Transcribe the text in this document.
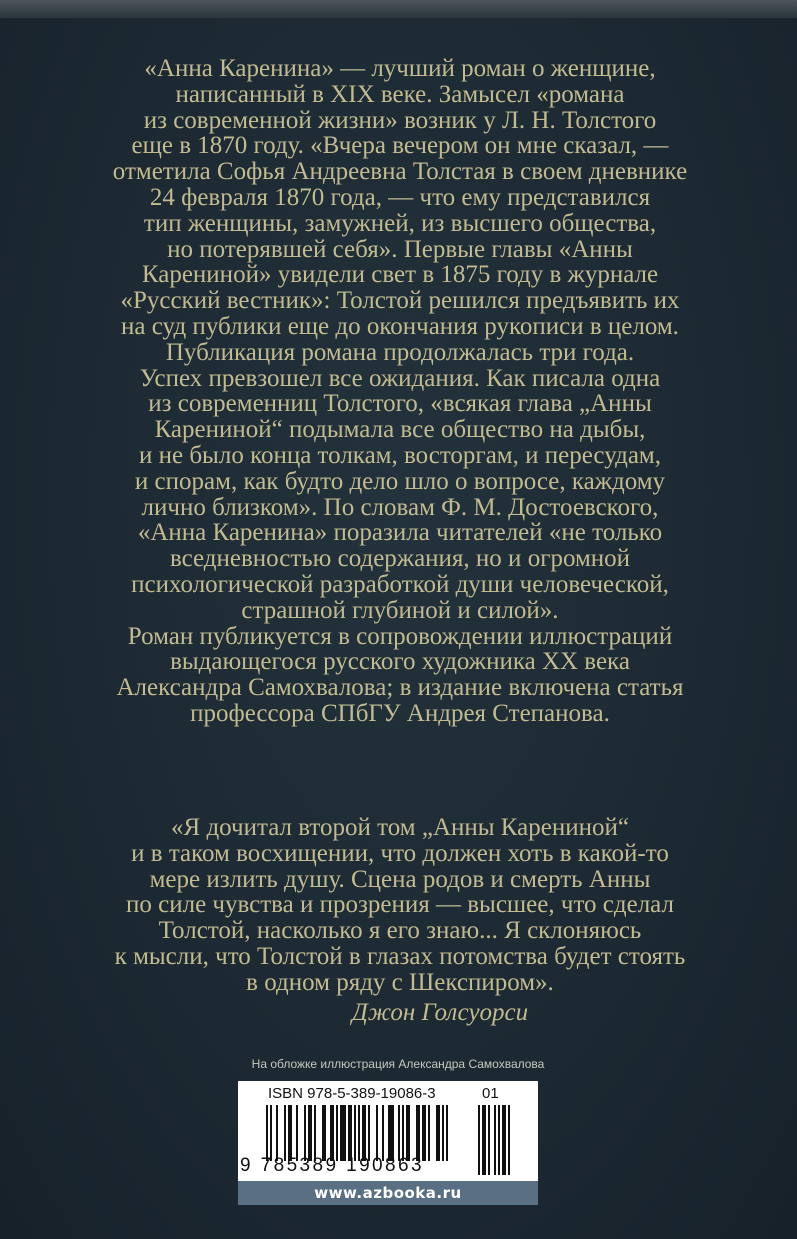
«Анна Каренина» — лучший роман о женщине,
написанный в XIX веке. Замысел «романа
из современной жизни» возник у Л. Н. Толстого
еще в 1870 году. «Вчера вечером он мне сказал, —
отметила Софья Андреевна Толстая в своем дневнике
24 февраля 1870 года, — что ему представился
тип женщины, замужней, из высшего общества,
но потерявшей себя». Первые главы «Анны
Карениной» увидели свет в 1875 году в журнале
«Русский вестник»: Толстой решился предъявить их
на суд публики еще до окончания рукописи в целом.
Публикация романа продолжалась три года.
Успех превзошел все ожидания. Как писала одна
из современниц Толстого, «всякая глава „Анны
Карениной“ подымала все общество на дыбы,
и не было конца толкам, восторгам, и пересудам,
и спорам, как будто дело шло о вопросе, каждому
лично близком». По словам Ф. М. Достоевского,
«Анна Каренина» поразила читателей «не только
вседневностью содержания, но и огромной
психологической разработкой души человеческой,
страшной глубиной и силой».
Роман публикуется в сопровождении иллюстраций
выдающегося русского художника XX века
Александра Самохвалова; в издание включена статья
профессора СПбГУ Андрея Степанова.
«Я дочитал второй том „Анны Карениной“
и в таком восхищении, что должен хоть в какой-то
мере излить душу. Сцена родов и смерть Анны
по силе чувства и прозрения — высшее, что сделал
Толстой, насколько я его знаю... Я склоняюсь
к мысли, что Толстой в глазах потомства будет стоять
в одном ряду с Шекспиром».
Джон Голсуорси
На обложке иллюстрация Александра Самохвалова
ISBN 978-5-389-19086-3	01
9 785389 190863
www.azbooka.ru
